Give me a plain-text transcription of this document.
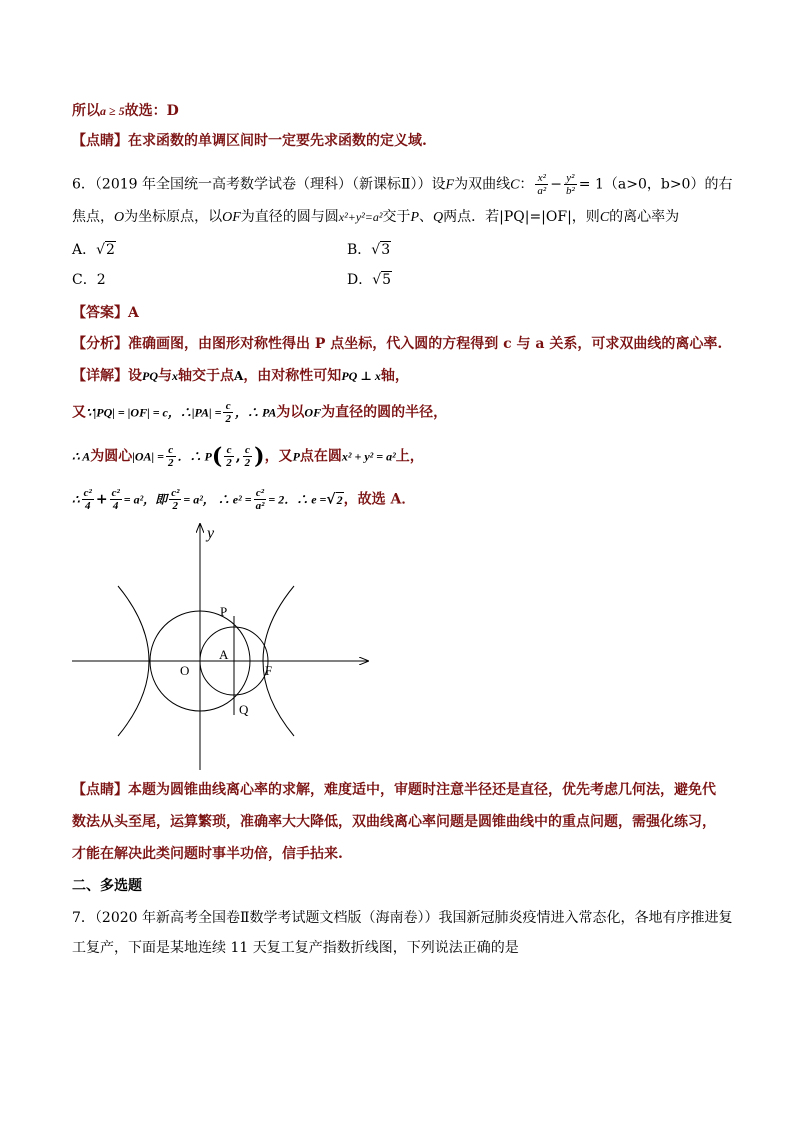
所以a ≥ 5故选：D
【点睛】在求函数的单调区间时一定要先求函数的定义域.
6．（2019 年全国统一高考数学试卷（理科）（新课标Ⅱ））设F为双曲线C： $\frac{\text{x²}}{\text{a²}} - \frac{\text{y²}}{\text{b²}} = 1(a>0$，b>0）的右
焦点，O为坐标原点，以OF为直径的圆与圆x²+y²=a²交于P、Q两点．若|PQ|=|OF|，则C的离心率为
A．√2	B．√3
C．2	D．√5
【答案】A
【分析】准确画图，由图形对称性得出 P 点坐标，代入圆的方程得到 c 与 a 关系，可求双曲线的离心率.
【详解】设PQ与x轴交于点A，由对称性可知PQ ⊥ x轴，
又∵|PQ| = |OF| = c，∴|PA| = $\frac{c}{2}$ ，∴ PA为以OF为直径的圆的半径，
∴ A为圆心$|OA| = \frac{c}{2}$ ．∴ $P( \frac{c}{2}$ , $\frac{c}{2}$ )，又P点在圆x² + y² = a²上，
∴ $\frac{\text{c²}}{4} + \frac{\text{c²}}{4} = a^2$，即 $\frac{\text{c²}}{2} = a^2$， ∴ $e^2 = \frac{\text{c²}}{\text{a²}} = 2$．∴ e =√2，故选 A．
y
P
A
O	F
Q
【点睛】本题为圆锥曲线离心率的求解，难度适中，审题时注意半径还是直径，优先考虑几何法，避免代
数法从头至尾，运算繁琐，准确率大大降低，双曲线离心率问题是圆锥曲线中的重点问题，需强化练习，
才能在解决此类问题时事半功倍，信手拈来.
二、多选题
7．（2020 年新高考全国卷Ⅱ数学考试题文档版（海南卷））我国新冠肺炎疫情进入常态化，各地有序推进复
工复产，下面是某地连续 11 天复工复产指数折线图，下列说法正确的是
